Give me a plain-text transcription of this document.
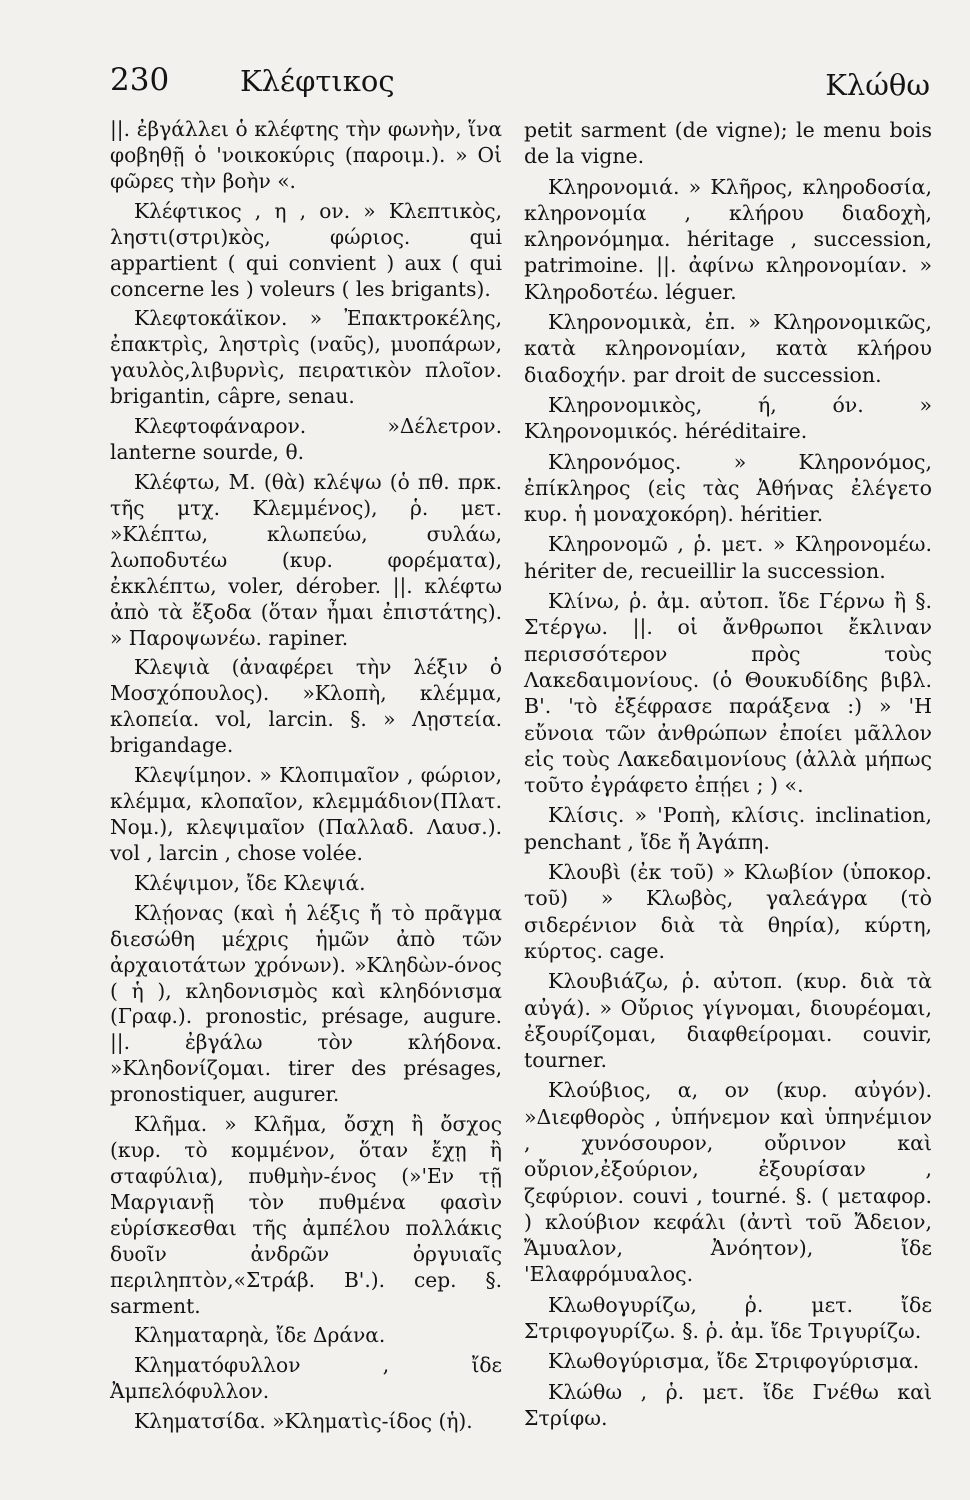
230 Κλέφτικος	Κλώθω

||. ἐβγάλλει ὁ κλέφτης τὴν φωνὴν, ἵνα φοβηθῇ ὁ 'νοικοκύρις (παροιμ.). » Οἱ φῶρες τὴν βοὴν «.

Κλέφτικος , η , ον. » Κλεπτικὸς, ληστι(στρι)κὸς, φώριος. qui appartient ( qui convient ) aux ( qui concerne les ) voleurs ( les brigants).

Κλεφτοκάϊκον. » Ἐπακτροκέλης, ἐπακτρὶς, ληστρὶς (ναῦς), μυοπάρων, γαυλὸς,λιβυρνὶς, πειρατικὸν πλοῖον. brigantin, câpre, senau.

Κλεφτοφάναρον. »Δέλετρον. lanterne sourde, θ.

Κλέφτω, Μ. (θὰ) κλέψω (ὁ πθ. πρκ. τῆς μτχ. Κλεμμένος), ῥ. μετ. »Κλέπτω, κλωπεύω, συλάω, λωποδυτέω (κυρ. φορέματα), ἐκκλέπτω, voler, dérober. ||. κλέφτω ἀπὸ τὰ ἔξοδα (ὅταν ἦμαι ἐπιστάτης). » Παροψωνέω. rapiner.

Κλεψιὰ (ἀναφέρει τὴν λέξιν ὁ Μοσχόπουλος). »Κλοπὴ, κλέμμα, κλοπεία. vol, larcin. §. » Λῃστεία. brigandage.

Κλεψίμηον. » Κλοπιμαῖον , φώριον, κλέμμα, κλοπαῖον, κλεμμάδιον(Πλατ. Νομ.), κλεψιμαῖον (Παλλαδ. Λαυσ.). vol , larcin , chose volée.

Κλέψιμον, ἴδε Κλεψιά.

Κλῄονας (καὶ ἡ λέξις ἤ τὸ πρᾶγμα διεσώθη μέχρις ἡμῶν ἀπὸ τῶν ἀρχαιοτάτων χρόνων). »Κληδὼν-όνος ( ἡ ), κληδονισμὸς καὶ κληδόνισμα (Γραφ.). pronostic, présage, augure. ||. ἐβγάλω τὸν κλήδονα. »Κληδονίζομαι. tirer des présages, pronostiquer, augurer.

Κλῆμα. » Κλῆμα, ὄσχη ἢ ὄσχος (κυρ. τὸ κομμένον, ὅταν ἔχῃ ἢ σταφύλια), πυθμὴν-ένος (»'Εν τῇ Μαργιανῇ τὸν πυθμένα φασὶν εὑρίσκεσθαι τῆς ἀμπέλου πολλάκις δυοῖν ἀνδρῶν ὀργυιαῖς περιληπτὸν,«Στράβ. Β'.). cep. §. sarment.

Κληματαρηὰ, ἴδε Δράνα.

Κληματόφυλλον , ἴδε Ἀμπελόφυλλον.

Κληματσίδα. »Κληματὶς-ίδος (ἡ).

petit sarment (de vigne); le menu bois de la vigne.

Κληρονομιά. » Κλῆρος, κληροδοσία, κληρονομία , κλήρου διαδοχὴ, κληρονόμημα. héritage , succession, patrimoine. ||. ἀφίνω κληρονομίαν. » Κληροδοτέω. léguer.

Κληρονομικὰ, ἐπ. » Κληρονομικῶς, κατὰ κληρονομίαν, κατὰ κλήρου διαδοχήν. par droit de succession.

Κληρονομικὸς, ή, όν. » Κληρονομικός. héréditaire.

Κληρονόμος. » Κληρονόμος, ἐπίκληρος (εἰς τὰς Ἀθήνας ἐλέγετο κυρ. ἡ μοναχοκόρη). héritier.

Κληρονομῶ , ῥ. μετ. » Κληρονομέω. hériter de, recueillir la succession.

Κλίνω, ῥ. ἀμ. αὐτοπ. ἴδε Γέρνω ἢ §. Στέργω. ||. οἱ ἄνθρωποι ἔκλιναν περισσότερον πρὸς τοὺς Λακεδαιμονίους. (ὁ Θουκυδίδης βιβλ. Β'. 'τὸ ἐξέφρασε παράξενα :) » 'Η εὔνοια τῶν ἀνθρώπων ἐποίει μᾶλλον εἰς τοὺς Λακεδαιμονίους (ἀλλὰ μήπως τοῦτο ἐγράφετο ἐπῄει ; ) «.

Κλίσις. » 'Ροπὴ, κλίσις. inclination, penchant , ἴδε ἤ Ἀγάπη.

Κλουβὶ (ἐκ τοῦ) » Κλωβίον (ὑποκορ. τοῦ) » Κλωβὸς, γαλεάγρα (τὸ σιδερένιον διὰ τὰ θηρία), κύρτη, κύρτος. cage.

Κλουβιάζω, ῥ. αὐτοπ. (κυρ. διὰ τὰ αὐγά). » Οὔριος γίγνομαι, διουρέομαι, ἐξουρίζομαι, διαφθείρομαι. couvir, tourner.

Κλούβιος, α, ον (κυρ. αὐγόν). »Διεφθορὸς , ὑπήνεμον καὶ ὑπηνέμιον , χυνόσουρον, οὔρινον καὶ οὔριον,ἐξούριον, ἐξουρίσαν , ζεφύριον. couvi , tourné. §. ( μεταφορ. ) κλούβιον κεφάλι (ἀντὶ τοῦ Ἄδειον, Ἄμυαλον, Ἀνόητον), ἴδε 'Ελαφρόμυαλος.

Κλωθογυρίζω, ῥ. μετ. ἴδε Στριφογυρίζω. §. ῥ. ἀμ. ἴδε Τριγυρίζω.

Κλωθογύρισμα, ἴδε Στριφογύρισμα.

Κλώθω , ῥ. μετ. ἴδε Γνέθω καὶ Στρίφω.
